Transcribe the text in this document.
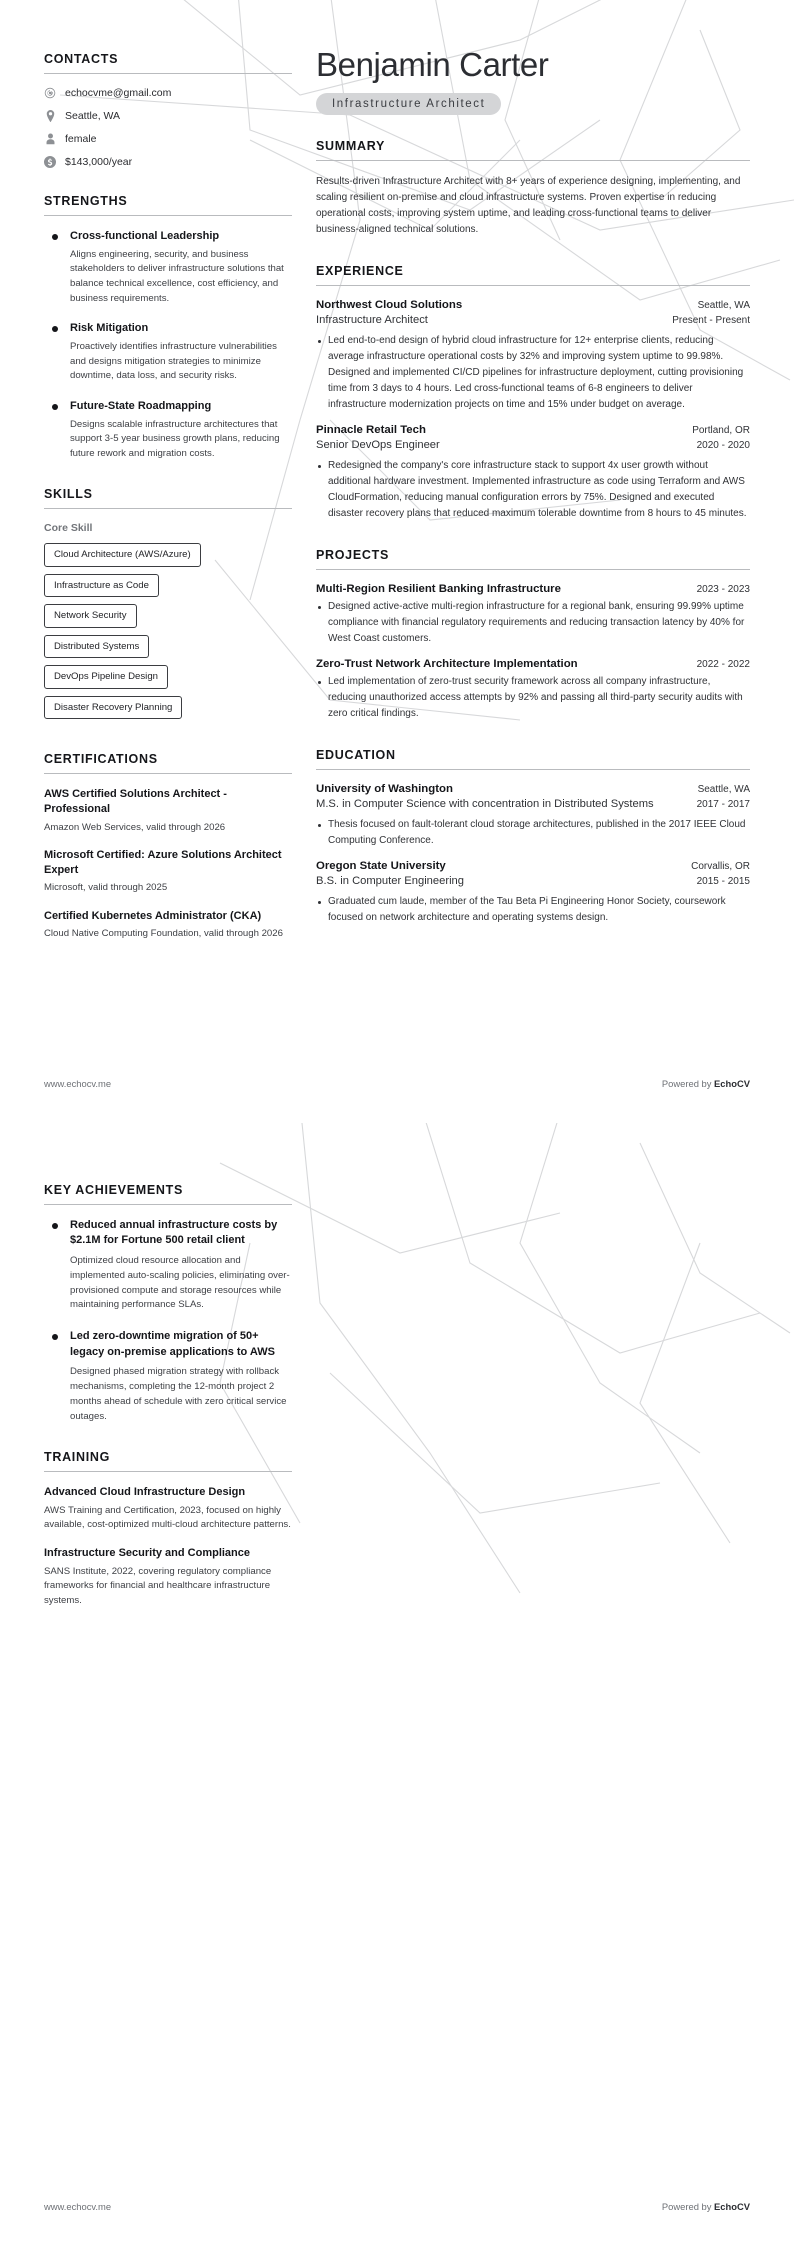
CONTACTS
echocvme@gmail.com
Seattle, WA
female
$143,000/year
STRENGTHS
Cross-functional Leadership
Aligns engineering, security, and business stakeholders to deliver infrastructure solutions that balance technical excellence, cost efficiency, and business requirements.
Risk Mitigation
Proactively identifies infrastructure vulnerabilities and designs mitigation strategies to minimize downtime, data loss, and security risks.
Future-State Roadmapping
Designs scalable infrastructure architectures that support 3-5 year business growth plans, reducing future rework and migration costs.
SKILLS
Core Skill
Cloud Architecture (AWS/Azure)
Infrastructure as Code
Network Security
Distributed Systems
DevOps Pipeline Design
Disaster Recovery Planning
CERTIFICATIONS
AWS Certified Solutions Architect - Professional
Amazon Web Services, valid through 2026
Microsoft Certified: Azure Solutions Architect Expert
Microsoft, valid through 2025
Certified Kubernetes Administrator (CKA)
Cloud Native Computing Foundation, valid through 2026
Benjamin Carter
Infrastructure Architect
SUMMARY
Results-driven Infrastructure Architect with 8+ years of experience designing, implementing, and scaling resilient on-premise and cloud infrastructure systems. Proven expertise in reducing operational costs, improving system uptime, and leading cross-functional teams to deliver business-aligned technical solutions.
EXPERIENCE
Northwest Cloud Solutions	Seattle, WA
Infrastructure Architect	Present - Present
Led end-to-end design of hybrid cloud infrastructure for 12+ enterprise clients, reducing average infrastructure operational costs by 32% and improving system uptime to 99.98%. Designed and implemented CI/CD pipelines for infrastructure deployment, cutting provisioning time from 3 days to 4 hours. Led cross-functional teams of 6-8 engineers to deliver infrastructure modernization projects on time and 15% under budget on average.
Pinnacle Retail Tech	Portland, OR
Senior DevOps Engineer	2020 - 2020
Redesigned the company's core infrastructure stack to support 4x user growth without additional hardware investment. Implemented infrastructure as code using Terraform and AWS CloudFormation, reducing manual configuration errors by 75%. Designed and executed disaster recovery plans that reduced maximum tolerable downtime from 8 hours to 45 minutes.
PROJECTS
Multi-Region Resilient Banking Infrastructure	2023 - 2023
Designed active-active multi-region infrastructure for a regional bank, ensuring 99.99% uptime compliance with financial regulatory requirements and reducing transaction latency by 40% for West Coast customers.
Zero-Trust Network Architecture Implementation	2022 - 2022
Led implementation of zero-trust security framework across all company infrastructure, reducing unauthorized access attempts by 92% and passing all third-party security audits with zero critical findings.
EDUCATION
University of Washington	Seattle, WA
M.S. in Computer Science with concentration in Distributed Systems	2017 - 2017
Thesis focused on fault-tolerant cloud storage architectures, published in the 2017 IEEE Cloud Computing Conference.
Oregon State University	Corvallis, OR
B.S. in Computer Engineering	2015 - 2015
Graduated cum laude, member of the Tau Beta Pi Engineering Honor Society, coursework focused on network architecture and operating systems design.
www.echocv.me	Powered by EchoCV
KEY ACHIEVEMENTS
Reduced annual infrastructure costs by $2.1M for Fortune 500 retail client
Optimized cloud resource allocation and implemented auto-scaling policies, eliminating over-provisioned compute and storage resources while maintaining performance SLAs.
Led zero-downtime migration of 50+ legacy on-premise applications to AWS
Designed phased migration strategy with rollback mechanisms, completing the 12-month project 2 months ahead of schedule with zero critical service outages.
TRAINING
Advanced Cloud Infrastructure Design
AWS Training and Certification, 2023, focused on highly available, cost-optimized multi-cloud architecture patterns.
Infrastructure Security and Compliance
SANS Institute, 2022, covering regulatory compliance frameworks for financial and healthcare infrastructure systems.
www.echocv.me	Powered by EchoCV
